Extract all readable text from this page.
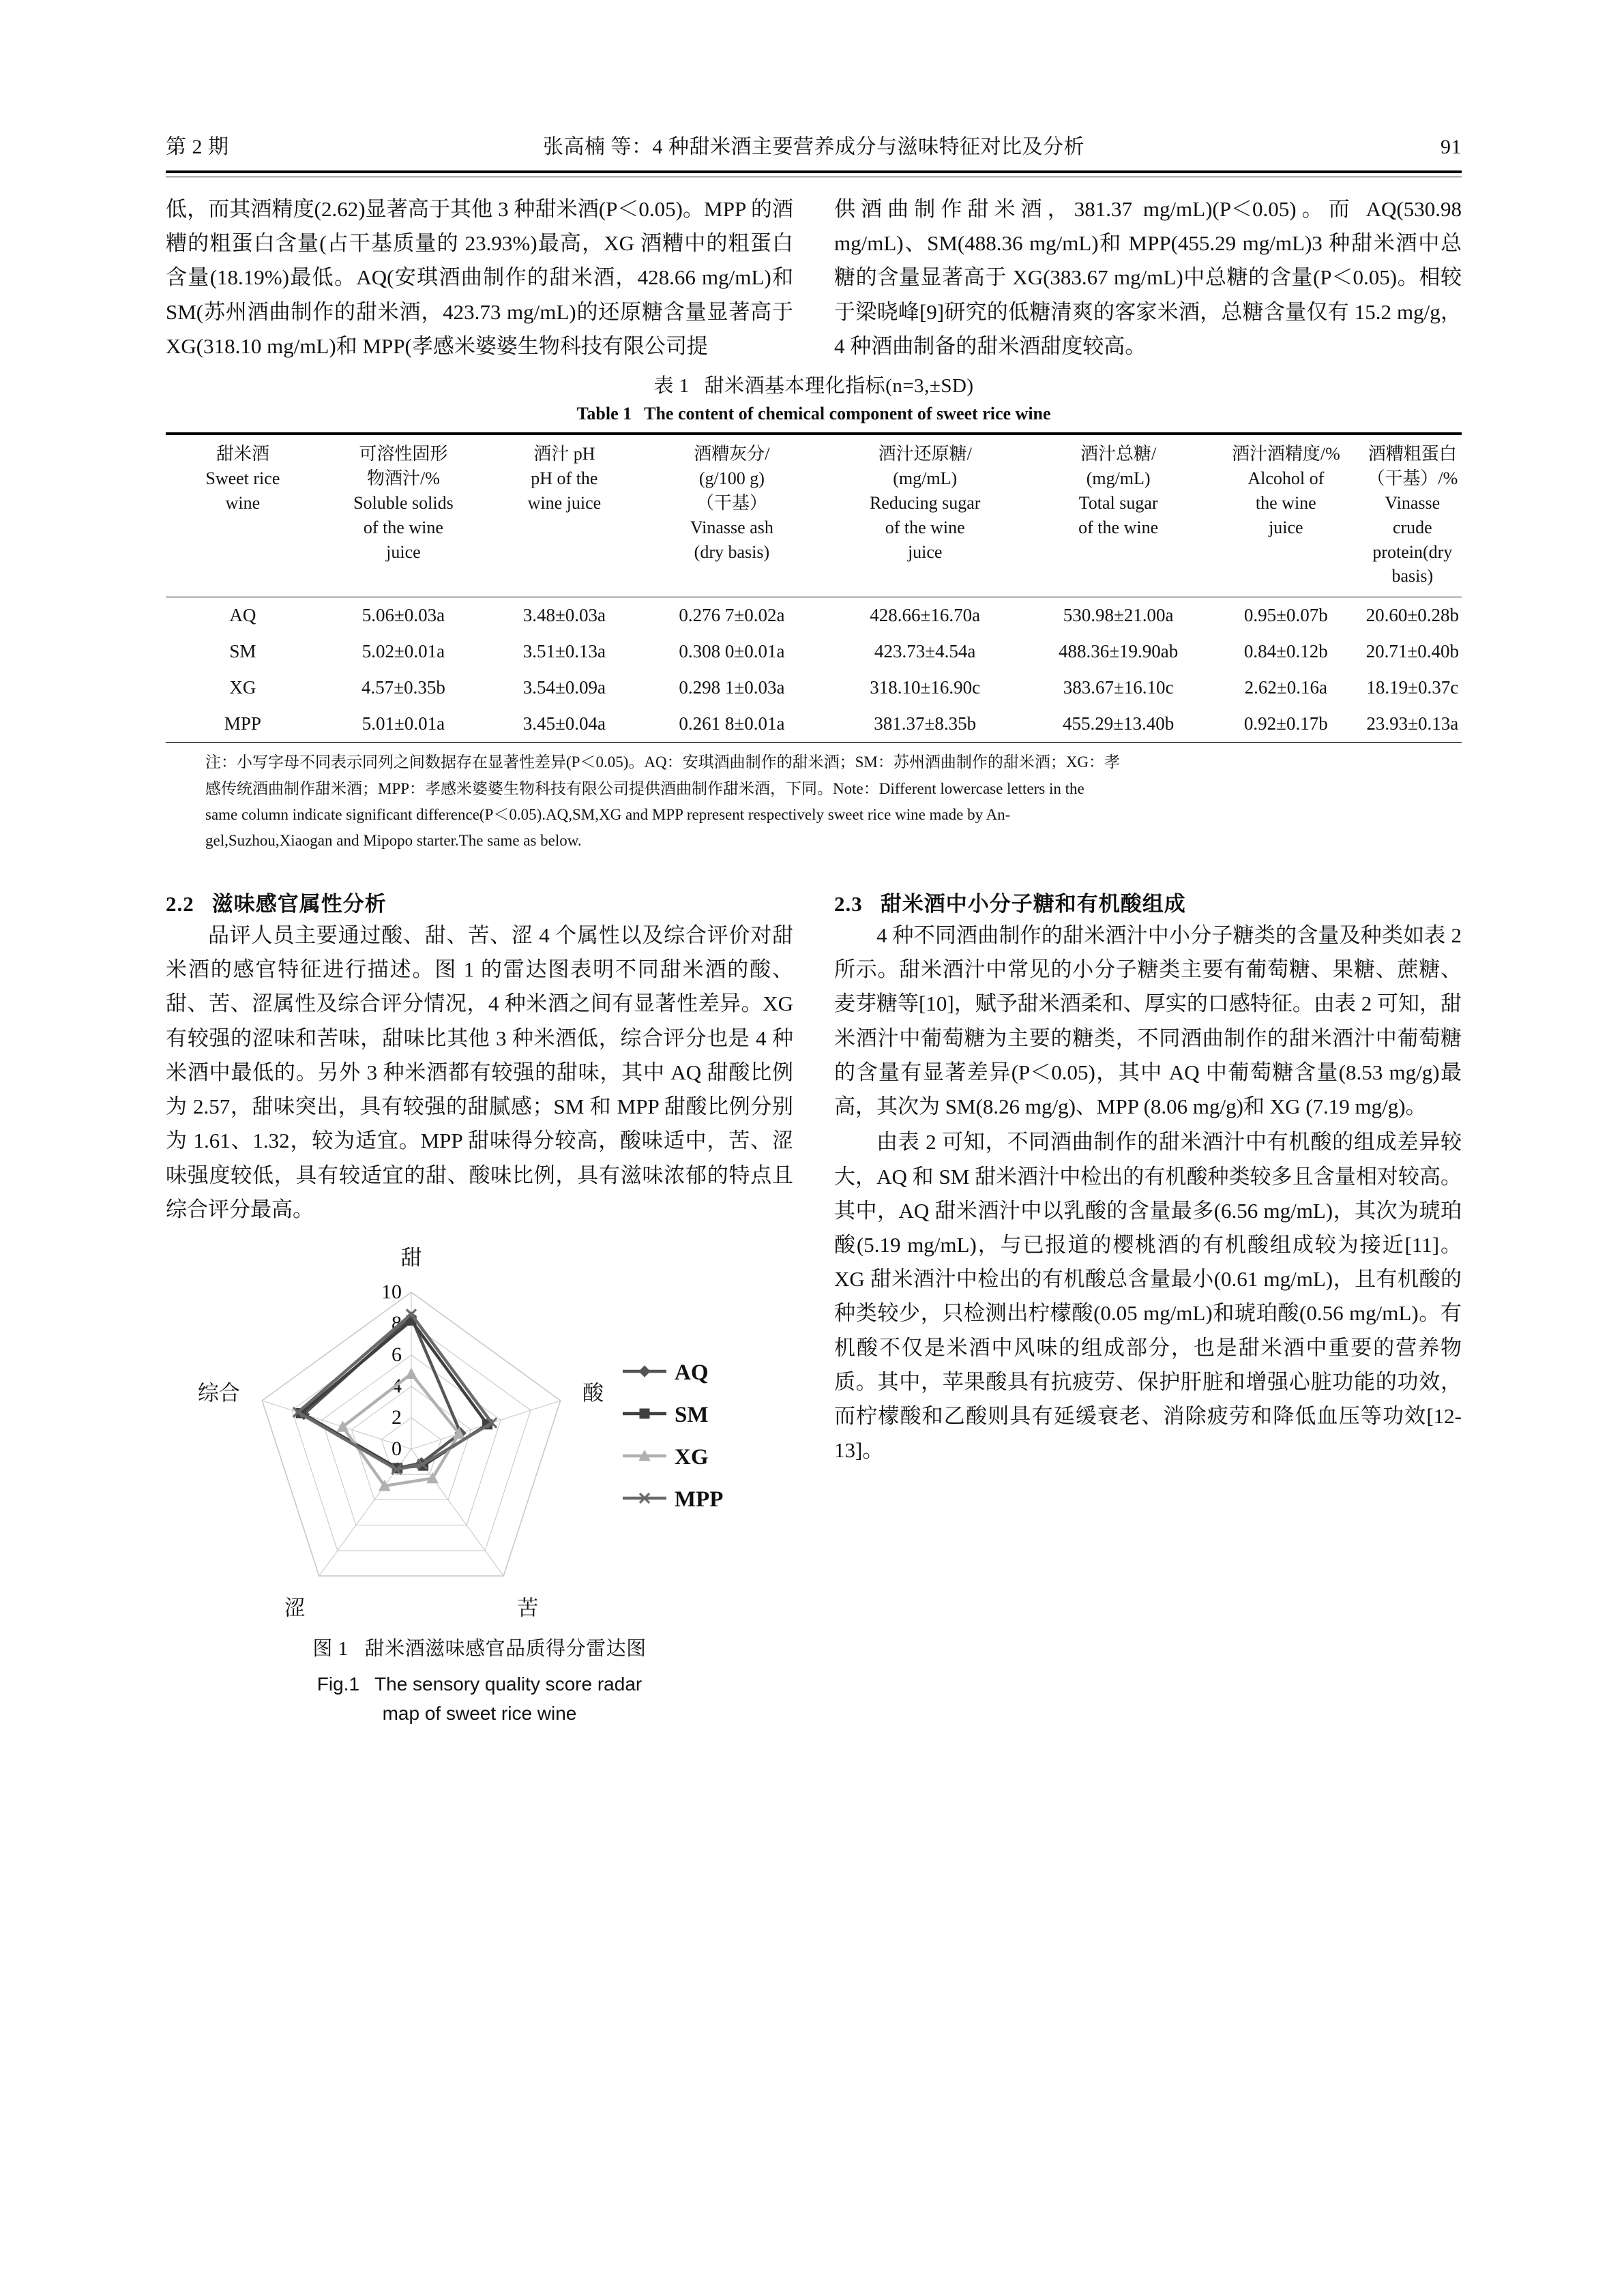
第 2 期	张高楠 等：4 种甜米酒主要营养成分与滋味特征对比及分析	91

低，而其酒精度(2.62)显著高于其他 3 种甜米酒(P＜0.05)。MPP 的酒糟的粗蛋白含量(占干基质量的 23.93%)最高，XG 酒糟中的粗蛋白含量(18.19%)最低。AQ(安琪酒曲制作的甜米酒，428.66 mg/mL)和 SM(苏州酒曲制作的甜米酒，423.73 mg/mL)的还原糖含量显著高于 XG(318.10 mg/mL)和 MPP(孝感米婆婆生物科技有限公司提

供酒曲制作甜米酒，381.37 mg/mL)(P＜0.05)。而 AQ(530.98 mg/mL)、SM(488.36 mg/mL)和 MPP(455.29 mg/mL)3 种甜米酒中总糖的含量显著高于 XG(383.67 mg/mL)中总糖的含量(P＜0.05)。相较于梁晓峰[9]研究的低糖清爽的客家米酒，总糖含量仅有 15.2 mg/g，4 种酒曲制备的甜米酒甜度较高。

表 1 甜米酒基本理化指标(n=3,±SD)
Table 1 The content of chemical component of sweet rice wine
甜米酒
Sweet rice
wine	可溶性固形
物酒汁/%
Soluble solids
of the wine
juice	酒汁 pH
pH of the
wine juice	酒糟灰分/
(g/100 g)
（干基）
Vinasse ash
(dry basis)	酒汁还原糖/
(mg/mL)
Reducing sugar
of the wine
juice	酒汁总糖/
(mg/mL)
Total sugar
of the wine	酒汁酒精度/%
Alcohol of
the wine
juice	酒糟粗蛋白
（干基）/%
Vinasse crude
protein(dry
basis)

AQ	5.06±0.03a	3.48±0.03a	0.276 7±0.02a	428.66±16.70a	530.98±21.00a	0.95±0.07b	20.60±0.28b
SM	5.02±0.01a	3.51±0.13a	0.308 0±0.01a	423.73±4.54a	488.36±19.90ab	0.84±0.12b	20.71±0.40b
XG	4.57±0.35b	3.54±0.09a	0.298 1±0.03a	318.10±16.90c	383.67±16.10c	2.62±0.16a	18.19±0.37c
MPP	5.01±0.01a	3.45±0.04a	0.261 8±0.01a	381.37±8.35b	455.29±13.40b	0.92±0.17b	23.93±0.13a
注：小写字母不同表示同列之间数据存在显著性差异(P＜0.05)。AQ：安琪酒曲制作的甜米酒；SM：苏州酒曲制作的甜米酒；XG：孝
感传统酒曲制作甜米酒；MPP：孝感米婆婆生物科技有限公司提供酒曲制作甜米酒，下同。Note：Different lowercase letters in the
same column indicate significant difference(P＜0.05).AQ,SM,XG and MPP represent respectively sweet rice wine made by An-
gel,Suzhou,Xiaogan and Mipopo starter.The same as below.
2.2 滋味感官属性分析

品评人员主要通过酸、甜、苦、涩 4 个属性以及综合评价对甜米酒的感官特征进行描述。图 1 的雷达图表明不同甜米酒的酸、甜、苦、涩属性及综合评分情况，4 种米酒之间有显著性差异。XG 有较强的涩味和苦味，甜味比其他 3 种米酒低，综合评分也是 4 种米酒中最低的。另外 3 种米酒都有较强的甜味，其中 AQ 甜酸比例为 2.57，甜味突出，具有较强的甜腻感；SM 和 MPP 甜酸比例分别为 1.61、1.32，较为适宜。MPP 甜味得分较高，酸味适中，苦、涩味强度较低，具有较适宜的甜、酸味比例，具有滋味浓郁的特点且综合评分最高。

0
2
4
6
8
10
甜
酸
苦
涩
综合
AQ
SM
XG
MPP
图 1 甜米酒滋味感官品质得分雷达图
Fig.1 The sensory quality score radar
map of sweet rice wine
2.3 甜米酒中小分子糖和有机酸组成

4 种不同酒曲制作的甜米酒汁中小分子糖类的含量及种类如表 2 所示。甜米酒汁中常见的小分子糖类主要有葡萄糖、果糖、蔗糖、麦芽糖等[10]，赋予甜米酒柔和、厚实的口感特征。由表 2 可知，甜米酒汁中葡萄糖为主要的糖类，不同酒曲制作的甜米酒汁中葡萄糖的含量有显著差异(P＜0.05)，其中 AQ 中葡萄糖含量(8.53 mg/g)最高，其次为 SM(8.26 mg/g)、MPP (8.06 mg/g)和 XG (7.19 mg/g)。

由表 2 可知，不同酒曲制作的甜米酒汁中有机酸的组成差异较大，AQ 和 SM 甜米酒汁中检出的有机酸种类较多且含量相对较高。其中，AQ 甜米酒汁中以乳酸的含量最多(6.56 mg/mL)，其次为琥珀酸(5.19 mg/mL)，与已报道的樱桃酒的有机酸组成较为接近[11]。XG 甜米酒汁中检出的有机酸总含量最小(0.61 mg/mL)，且有机酸的种类较少，只检测出柠檬酸(0.05 mg/mL)和琥珀酸(0.56 mg/mL)。有机酸不仅是米酒中风味的组成部分，也是甜米酒中重要的营养物质。其中，苹果酸具有抗疲劳、保护肝脏和增强心脏功能的功效，而柠檬酸和乙酸则具有延缓衰老、消除疲劳和降低血压等功效[12-13]。
